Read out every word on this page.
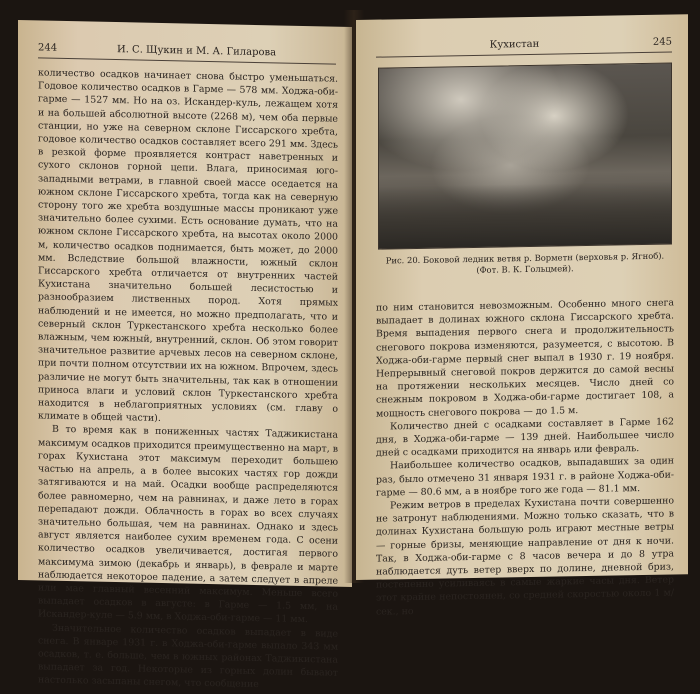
244	И. С. Щукин и М. А. Гиларова

количество осадков начинает снова быстро уменьшаться. Годовое количество осадков в Гарме — 578 мм. Ходжа-оби-гарме — 1527 мм. Но на оз. Искандер-куль, лежащем хотя и на большей абсолютной высоте (2268 м), чем оба первые станции, но уже на северном склоне Гиссарского хребта, годовое количество осадков составляет всего 291 мм. Здесь в резкой форме проявляется контраст наветренных и сухого склонов горной цепи. Влага, приносимая юго-западными ветрами, в главной своей массе оседается на южном склоне Гиссарского хребта, тогда как на северную сторону того же хребта воздушные массы проникают уже значительно более сухими. Есть основание думать, что на южном склоне Гиссарского хребта, на высотах около 2000 м, количество осадков поднимается, быть может, до 2000 мм. Вследствие большой влажности, южный склон Гиссарского хребта отличается от внутренних частей Кухистана значительно большей лесистостью и разнообразием лиственных пород. Хотя прямых наблюдений и не имеется, но можно предполагать, что и северный склон Туркестанского хребта несколько более влажным, чем южный, внутренний, склон. Об этом говорит значительное развитие арчевых лесов на северном склоне, при почти полном отсутствии их на южном. Впрочем, здесь различие не могут быть значительны, так как в отношении приноса влаги и условий склон Туркестанского хребта находится в неблагоприятных условиях (см. главу о климате в общей части).

В то время как в пониженных частях Таджикистана максимум осадков приходится преимущественно на март, в горах Кухистана этот максимум переходит большею частью на апрель, а в более высоких частях гор дожди затягиваются и на май. Осадки вообще распределяются более равномерно, чем на равнинах, и даже лето в горах перепадают дожди. Облачность в горах во всех случаях значительно большая, чем на равнинах. Однако и здесь август является наиболее сухим временем года. С осени количество осадков увеличивается, достигая первого максимума зимою (декабрь и январь), в феврале и марте наблюдается некоторое падение, а затем следует в апреле или мае главный весенний максимум. Меньше всего выпадает осадков в августе: в Гарме — 1.5 мм, на Искандер-куле — 5.9 мм, в Ходжа-оби-гарме — 11 мм.

Значительное количество осадков выпадает в виде снега. В январе 1931 г. в Ходжа-оби-гарме выпало 343 мм осадков, т. е. больше, чем в южных районах Таджикистана выпадает за год. Некоторые из горных долин бывают настолько засыпаны снегом, что сообщение

Кухистан	245
Рис. 20. Боковой ледник ветвя р. Ворметн (верховья р. Ягноб). (Фот. В. К. Гольцмей).

по ним становится невозможным. Особенно много снега выпадает в долинах южного склона Гиссарского хребта. Время выпадения первого снега и продолжительность снегового покрова изменяются, разумеется, с высотою. В Ходжа-оби-гарме первый снег выпал в 1930 г. 19 ноября. Непрерывный снеговой покров держится до самой весны на протяжении нескольких месяцев. Число дней со снежным покровом в Ходжа-оби-гарме достигает 108, а мощность снегового покрова — до 1.5 м.

Количество дней с осадками составляет в Гарме 162 дня, в Ходжа-оби-гарме — 139 дней. Наибольшее число дней с осадками приходится на январь или февраль.

Наибольшее количество осадков, выпадавших за один раз, было отмечено 31 января 1931 г. в районе Ходжа-оби-гарме — 80.6 мм, а в ноябре того же года — 81.1 мм.

Режим ветров в пределах Кухистана почти совершенно не затронут наблюдениями. Можно только сказать, что в долинах Кухистана большую роль играют местные ветры — горные бризы, меняющие направление от дня к ночи. Так, в Ходжа-оби-гарме с 8 часов вечера и до 8 утра наблюдается дуть ветер вверх по долине, дневной бриз, постепенно усиливаясь в самые жаркие часы дня. Ветер этот крайне непостоянен, со средней скоростью около 1 м/сек., но
